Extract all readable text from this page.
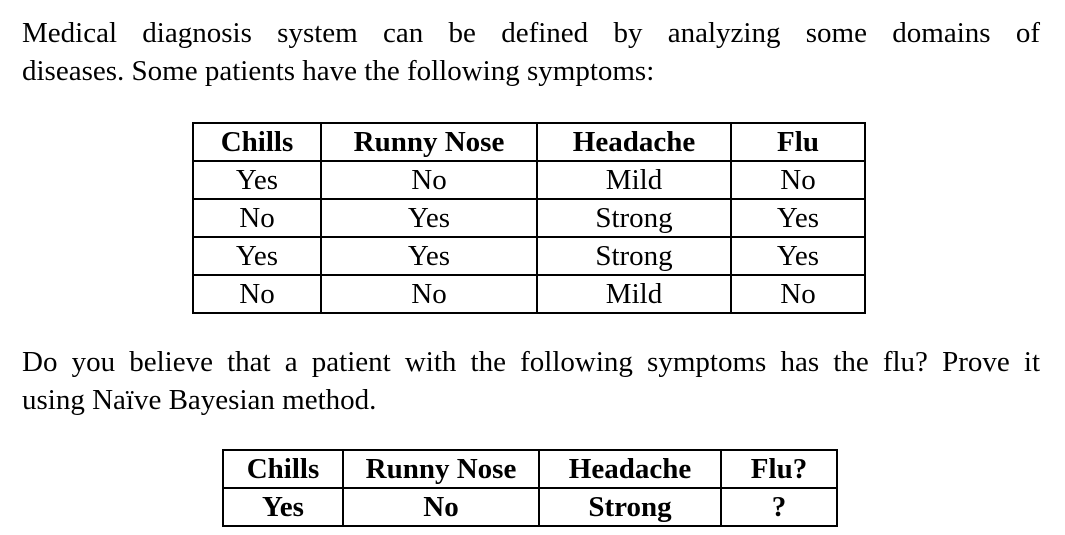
Medical diagnosis system can be defined by analyzing some domains of
diseases. Some patients have the following symptoms:

Chills	Runny Nose	Headache	Flu
Yes	No	Mild	No
No	Yes	Strong	Yes
Yes	Yes	Strong	Yes
No	No	Mild	No

Do you believe that a patient with the following symptoms has the flu? Prove it
using Naïve Bayesian method.

Chills	Runny Nose	Headache	Flu?
Yes	No	Strong	?
